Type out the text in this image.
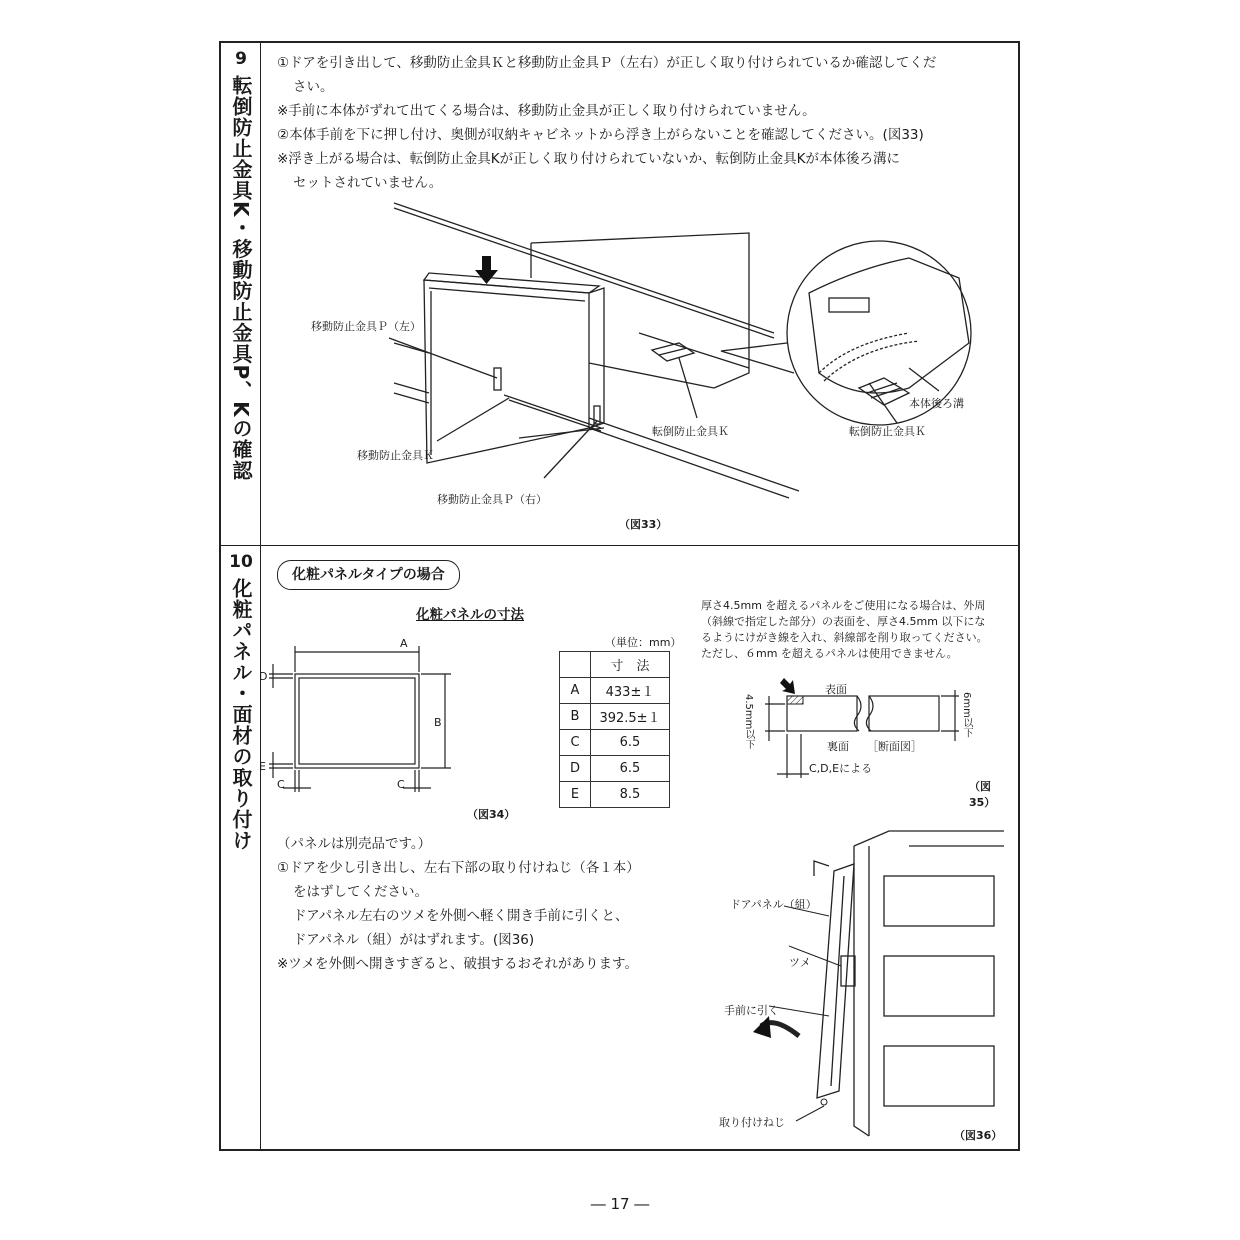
9
転倒防止金具K・移動防止金具P、Kの確認
①ドアを引き出して、移動防止金具Ｋと移動防止金具Ｐ（左右）が正しく取り付けられているか確認してくだ
さい。
※手前に本体がずれて出てくる場合は、移動防止金具が正しく取り付けられていません。
②本体手前を下に押し付け、奥側が収納キャビネットから浮き上がらないことを確認してください。(図33)
※浮き上がる場合は、転倒防止金具Kが正しく取り付けられていないか、転倒防止金具Kが本体後ろ溝に
セットされていません。
移動防止金具Ｐ（左）
移動防止金具Ｋ
移動防止金具Ｐ（右）
転倒防止金具Ｋ
本体後ろ溝
転倒防止金具Ｋ
（図33）
10
化粧パネル・面材の取り付け
化粧パネルタイプの場合
化粧パネルの寸法
A
B
C	C
D
E
（図34）
（単位：mm）
	寸　法
A	433±１
B	392.5±１
C	6.5
D	6.5
E	8.5
厚さ4.5mm を超えるパネルをご使用になる場合は、外周
（斜線で指定した部分）の表面を、厚さ4.5mm 以下にな
るようにけがき線を入れ、斜線部を削り取ってください。
ただし、６mm を超えるパネルは使用できません。
表面
裏面 ［断面図］
C,D,Eによる
4.5mm以下	6mm以下
（図35）
（パネルは別売品です。）
①ドアを少し引き出し、左右下部の取り付けねじ（各１本）
をはずしてください。
ドアパネル左右のツメを外側へ軽く開き手前に引くと、
ドアパネル（組）がはずれます。(図36)
※ツメを外側へ開きすぎると、破損するおそれがあります。
ドアパネル（組）
ツメ
手前に引く
取り付けねじ
（図36）
― 17 ―
